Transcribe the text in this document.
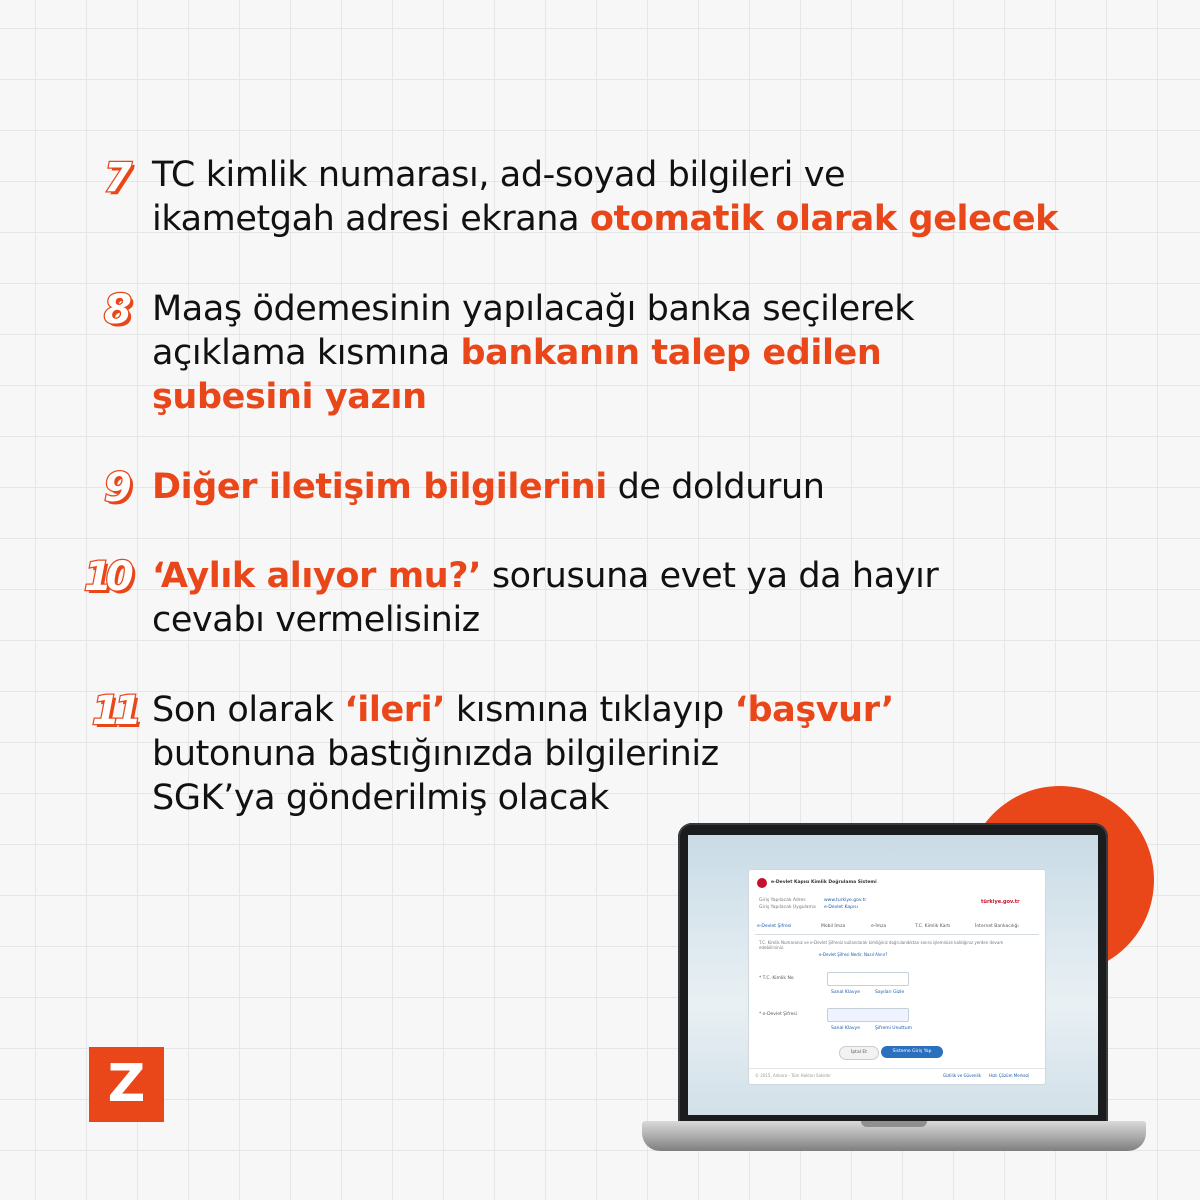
7 TC kimlik numarası, ad-soyad bilgileri ve
ikametgah adresi ekrana otomatik olarak gelecek

8 Maaş ödemesinin yapılacağı banka seçilerek
açıklama kısmına bankanın talep edilen
şubesini yazın

9 Diğer iletişim bilgilerini de doldurun

10 ‘Aylık alıyor mu?’ sorusuna evet ya da hayır
cevabı vermelisiniz

11 Son olarak ‘ileri’ kısmına tıklayıp ‘başvur’
butonuna bastığınızda bilgileriniz
SGK’ya gönderilmiş olacak

Z
e-Devlet Kapısı Kimlik Doğrulama Sistemi
Giriş Yapılacak Adres	www.turkiye.gov.tr
Giriş Yapılacak Uygulama e-Devlet Kapısı
türkiye.gov.tr
e-Devlet Şifresi	Mobil İmza	e-İmza	T.C. Kimlik Kartı	İnternet Bankacılığı
T.C. Kimlik Numaranız ve e-Devlet Şifreniz kullanılarak kimliğiniz doğrulandıktan sonra işleminize kaldığınız yerden devam edebilirsiniz.
e-Devlet Şifresi Nedir, Nasıl Alınır?
* T.C. Kimlik No
Sanal Klavye	Sayıları Gizle
* e-Devlet Şifresi
Sanal Klavye	Şifremi Unuttum
İptal Et	Sisteme Giriş Yap
© 2015, Ankara - Tüm Hakları Saklıdır	Gizlilik ve Güvenlik Hızlı Çözüm Merkezi
